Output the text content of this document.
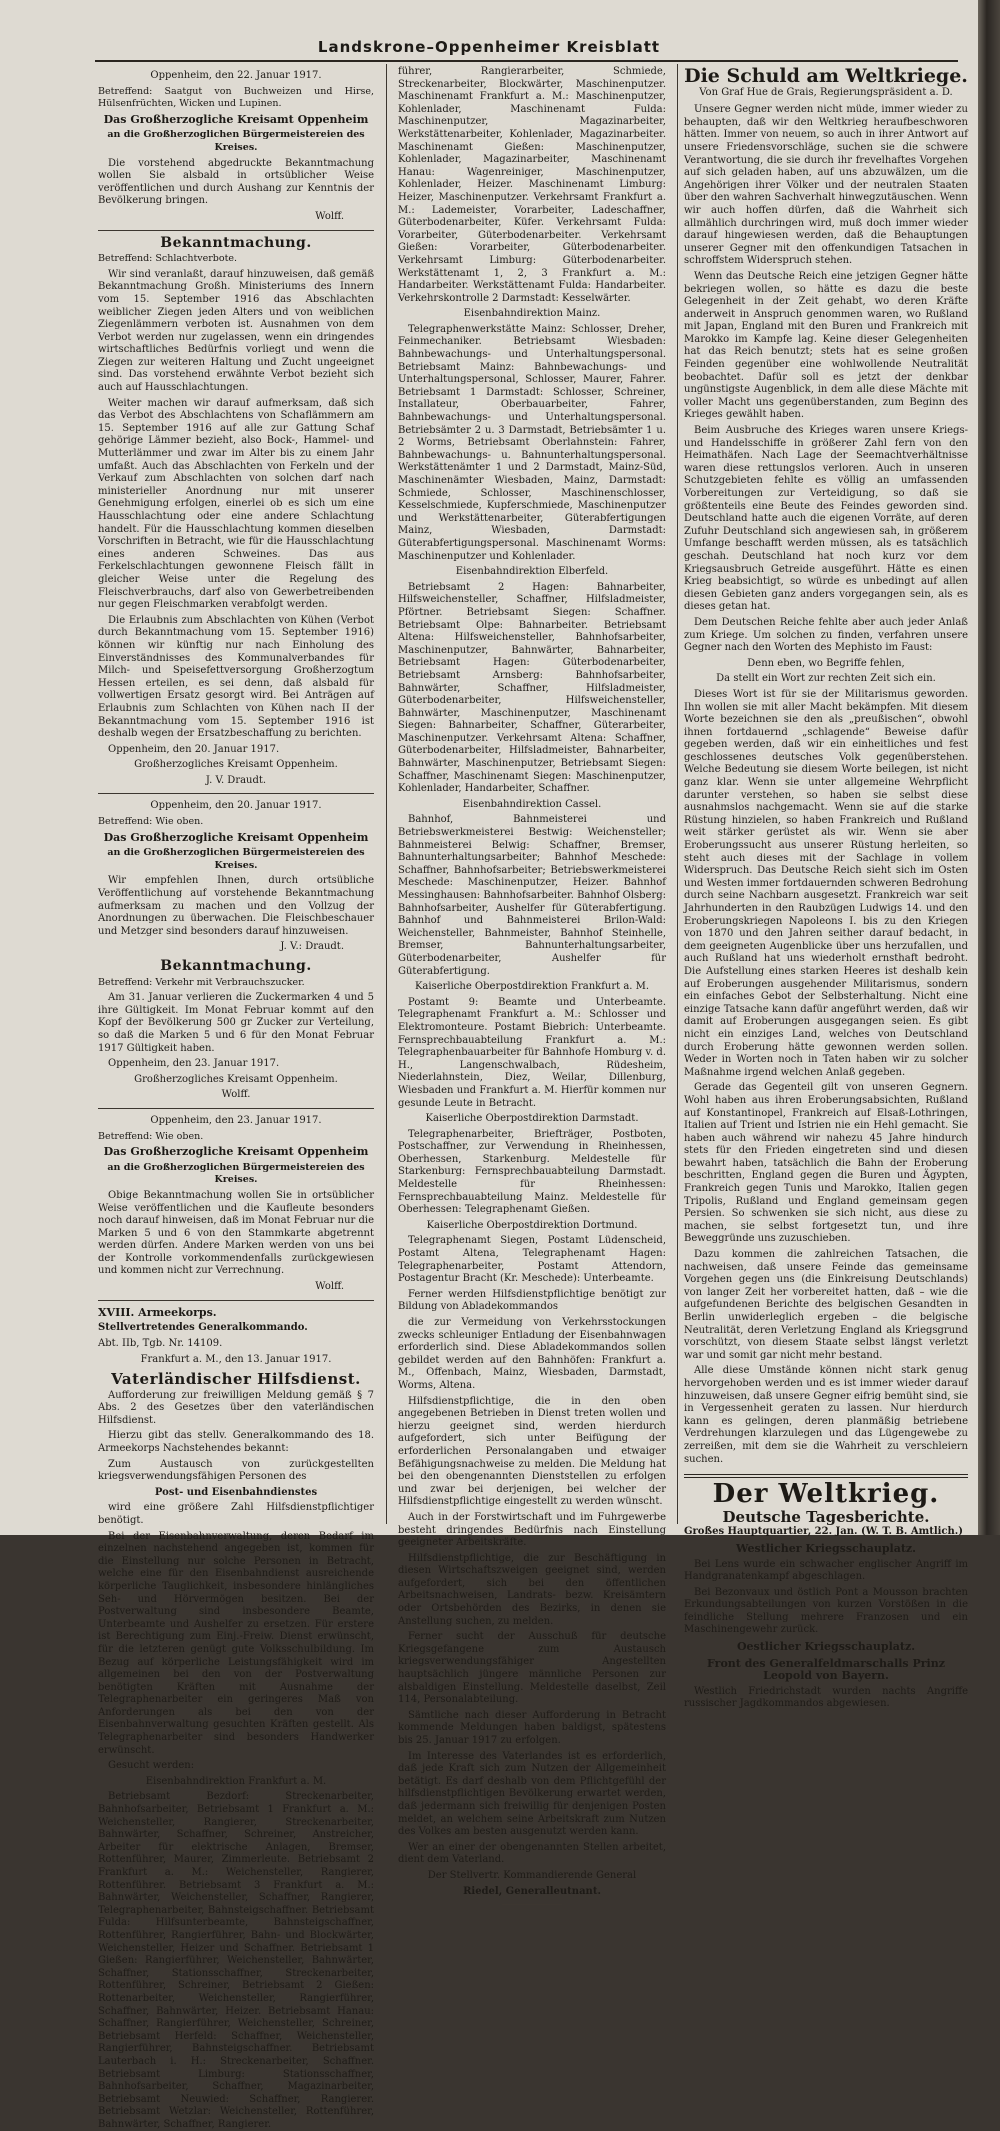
Landskrone–Oppenheimer Kreisblatt

Oppenheim, den 22. Januar 1917.

Betreffend: Saatgut von Buchweizen und Hirse, Hülsenfrüchten, Wicken und Lupinen.

Das Großherzogliche Kreisamt Oppenheim

an die Großherzoglichen Bürgermeistereien des Kreises.

Die vorstehend abgedruckte Bekanntmachung wollen Sie alsbald in ortsüblicher Weise veröffentlichen und durch Aushang zur Kenntnis der Bevölkerung bringen.

Wolff.

Bekanntmachung.

Betreffend: Schlachtverbote.

Wir sind veranlaßt, darauf hinzuweisen, daß gemäß Bekanntmachung Großh. Ministeriums des Innern vom 15. September 1916 das Abschlachten weiblicher Ziegen jeden Alters und von weiblichen Ziegenlämmern verboten ist. Ausnahmen von dem Verbot werden nur zugelassen, wenn ein dringendes wirtschaftliches Bedürfnis vorliegt und wenn die Ziegen zur weiteren Haltung und Zucht ungeeignet sind. Das vorstehend erwähnte Verbot bezieht sich auch auf Hausschlachtungen.

Weiter machen wir darauf aufmerksam, daß sich das Verbot des Abschlachtens von Schaflämmern am 15. September 1916 auf alle zur Gattung Schaf gehörige Lämmer bezieht, also Bock-, Hammel- und Mutterlämmer und zwar im Alter bis zu einem Jahr umfaßt. Auch das Abschlachten von Ferkeln und der Verkauf zum Abschlachten von solchen darf nach ministerieller Anordnung nur mit unserer Genehmigung erfolgen, einerlei ob es sich um eine Hausschlachtung oder eine andere Schlachtung handelt. Für die Hausschlachtung kommen dieselben Vorschriften in Betracht, wie für die Hausschlachtung eines anderen Schweines. Das aus Ferkelschlachtungen gewonnene Fleisch fällt in gleicher Weise unter die Regelung des Fleischverbrauchs, darf also von Gewerbetreibenden nur gegen Fleischmarken verabfolgt werden.

Die Erlaubnis zum Abschlachten von Kühen (Verbot durch Bekanntmachung vom 15. September 1916) können wir künftig nur nach Einholung des Einverständnisses des Kommunalverbandes für Milch- und Speisefettversorgung Großherzogtum Hessen erteilen, es sei denn, daß alsbald für vollwertigen Ersatz gesorgt wird. Bei Anträgen auf Erlaubnis zum Schlachten von Kühen nach II der Bekanntmachung vom 15. September 1916 ist deshalb wegen der Ersatzbeschaffung zu berichten.

Oppenheim, den 20. Januar 1917.

Großherzogliches Kreisamt Oppenheim.

J. V. Draudt.

Oppenheim, den 20. Januar 1917.

Betreffend: Wie oben.

Das Großherzogliche Kreisamt Oppenheim

an die Großherzoglichen Bürgermeistereien des Kreises.

Wir empfehlen Ihnen, durch ortsübliche Veröffentlichung auf vorstehende Bekanntmachung aufmerksam zu machen und den Vollzug der Anordnungen zu überwachen. Die Fleischbeschauer und Metzger sind besonders darauf hinzuweisen.

J. V.: Draudt.

Bekanntmachung.

Betreffend: Verkehr mit Verbrauchszucker.

Am 31. Januar verlieren die Zuckermarken 4 und 5 ihre Gültigkeit. Im Monat Februar kommt auf den Kopf der Bevölkerung 500 gr Zucker zur Verteilung, so daß die Marken 5 und 6 für den Monat Februar 1917 Gültigkeit haben.

Oppenheim, den 23. Januar 1917.

Großherzogliches Kreisamt Oppenheim.

Wolff.

Oppenheim, den 23. Januar 1917.

Betreffend: Wie oben.

Das Großherzogliche Kreisamt Oppenheim

an die Großherzoglichen Bürgermeistereien des Kreises.

Obige Bekanntmachung wollen Sie in ortsüblicher Weise veröffentlichen und die Kaufleute besonders noch darauf hinweisen, daß im Monat Februar nur die Marken 5 und 6 von den Stammkarte abgetrennt werden dürfen. Andere Marken werden von uns bei der Kontrolle vorkommendenfalls zurückgewiesen und kommen nicht zur Verrechnung.

Wolff.

XVIII. Armeekorps.

Stellvertretendes Generalkommando.

Abt. IIb, Tgb. Nr. 14109.

Frankfurt a. M., den 13. Januar 1917.

Vaterländischer Hilfsdienst.

Aufforderung zur freiwilligen Meldung gemäß § 7 Abs. 2 des Gesetzes über den vaterländischen Hilfsdienst.

Hierzu gibt das stellv. Generalkommando des 18. Armeekorps Nachstehendes bekannt:

Zum Austausch von zurückgestellten kriegsverwendungsfähigen Personen des

Post- und Eisenbahndienstes

wird eine größere Zahl Hilfsdienstpflichtiger benötigt.

Bei der Eisenbahnverwaltung, deren Bedarf im einzelnen nachstehend angegeben ist, kommen für die Einstellung nur solche Personen in Betracht, welche eine für den Eisenbahndienst ausreichende körperliche Tauglichkeit, insbesondere hinlängliches Seh- und Hörvermögen besitzen. Bei der Postverwaltung sind insbesondere Beamte, Unterbeamte und Aushelfer zu ersetzen. Für erstere ist Berechtigung zum Einj.-Freiw. Dienst erwünscht, für die letzteren genügt gute Volksschulbildung. Im Bezug auf körperliche Leistungsfähigkeit wird im allgemeinen bei den von der Postverwaltung benötigten Kräften mit Ausnahme der Telegraphenarbeiter ein geringeres Maß von Anforderungen als bei den von der Eisenbahnverwaltung gesuchten Kräften gestellt. Als Telegraphenarbeiter sind besonders Handwerker erwünscht.

Gesucht werden:

Eisenbahndirektion Frankfurt a. M.

Betriebsamt Bezdorf: Streckenarbeiter, Bahnhofsarbeiter, Betriebsamt 1 Frankfurt a. M.: Weichensteller, Rangierer, Streckenarbeiter, Bahnwärter, Schaffner, Schreiner, Anstreicher, Arbeiter für elektrische Anlagen, Bremser, Rottenführer, Maurer, Zimmerleute. Betriebsamt 2 Frankfurt a. M.: Weichensteller, Rangierer, Rottenführer. Betriebsamt 3 Frankfurt a. M.: Bahnwärter, Weichensteller, Schaffner, Rangierer, Telegraphenarbeiter, Bahnsteigschaffner. Betriebsamt Fulda: Hilfsunterbeamte, Bahnsteigschaffner, Rottenführer, Rangierführer, Bahn- und Blockwärter, Weichensteller, Heizer und Schaffner. Betriebsamt 1 Gießen: Rangierführer, Weichensteller, Bahnwärter, Schaffner, Stationsschaffner, Streckenarbeiter, Rottenführer, Schreiner, Betriebsamt 2 Gießen: Rottenarbeiter, Weichensteller, Rangierführer, Schaffner, Bahnwärter, Heizer. Betriebsamt Hanau: Schaffner, Rangierführer, Weichensteller, Schreiner, Betriebsamt Herfeld: Schaffner, Weichensteller, Rangierführer, Bahnsteigschaffner. Betriebsamt Lauterbach i. H.: Streckenarbeiter, Schaffner. Betriebsamt Limburg: Stationsschaffner, Bahnhofsarbeiter, Schaffner, Magazinarbeiter, Betriebsamt Neuwied: Schaffner, Rangierer. Betriebsamt Wetzlar: Weichensteller, Rottenführer, Bahnwärter, Schaffner, Rangierer.

führer, Rangierarbeiter, Schmiede, Streckenarbeiter, Blockwärter, Maschinenputzer. Maschinenamt Frankfurt a. M.: Maschinenputzer, Kohlenlader, Maschinenamt Fulda: Maschinenputzer, Magazinarbeiter, Werkstättenarbeiter, Kohlenlader, Magazinarbeiter. Maschinenamt Gießen: Maschinenputzer, Kohlenlader, Magazinarbeiter, Maschinenamt Hanau: Wagenreiniger, Maschinenputzer, Kohlenlader, Heizer. Maschinenamt Limburg: Heizer, Maschinenputzer. Verkehrsamt Frankfurt a. M.: Lademeister, Vorarbeiter, Ladeschaffner, Güterbodenarbeiter, Küfer. Verkehrsamt Fulda: Vorarbeiter, Güterbodenarbeiter. Verkehrsamt Gießen: Vorarbeiter, Güterbodenarbeiter. Verkehrsamt Limburg: Güterbodenarbeiter. Werkstättenamt 1, 2, 3 Frankfurt a. M.: Handarbeiter. Werkstättenamt Fulda: Handarbeiter. Verkehrskontrolle 2 Darmstadt: Kesselwärter.

Eisenbahndirektion Mainz.

Telegraphenwerkstätte Mainz: Schlosser, Dreher, Feinmechaniker. Betriebsamt Wiesbaden: Bahnbewachungs- und Unterhaltungspersonal. Betriebsamt Mainz: Bahnbewachungs- und Unterhaltungspersonal, Schlosser, Maurer, Fahrer. Betriebsamt 1 Darmstadt: Schlosser, Schreiner, Installateur, Oberbauarbeiter, Fahrer, Bahnbewachungs- und Unterhaltungspersonal. Betriebsämter 2 u. 3 Darmstadt, Betriebsämter 1 u. 2 Worms, Betriebsamt Oberlahnstein: Fahrer, Bahnbewachungs- u. Bahnunterhaltungspersonal. Werkstättenämter 1 und 2 Darmstadt, Mainz-Süd, Maschinenämter Wiesbaden, Mainz, Darmstadt: Schmiede, Schlosser, Maschinenschlosser, Kesselschmiede, Kupferschmiede, Maschinenputzer und Werkstättenarbeiter, Güterabfertigungen Mainz, Wiesbaden, Darmstadt: Güterabfertigungspersonal. Maschinenamt Worms: Maschinenputzer und Kohlenlader.

Eisenbahndirektion Elberfeld.

Betriebsamt 2 Hagen: Bahnarbeiter, Hilfsweichensteller, Schaffner, Hilfsladmeister, Pförtner. Betriebsamt Siegen: Schaffner. Betriebsamt Olpe: Bahnarbeiter. Betriebsamt Altena: Hilfsweichensteller, Bahnhofsarbeiter, Maschinenputzer, Bahnwärter, Bahnarbeiter, Betriebsamt Hagen: Güterbodenarbeiter, Betriebsamt Arnsberg: Bahnhofsarbeiter, Bahnwärter, Schaffner, Hilfsladmeister, Güterbodenarbeiter, Hilfsweichensteller, Bahnwärter, Maschinenputzer, Maschinenamt Siegen: Bahnarbeiter, Schaffner, Güterarbeiter, Maschinenputzer. Verkehrsamt Altena: Schaffner, Güterbodenarbeiter, Hilfsladmeister, Bahnarbeiter, Bahnwärter, Maschinenputzer, Betriebsamt Siegen: Schaffner, Maschinenamt Siegen: Maschinenputzer, Kohlenlader, Handarbeiter, Schaffner.

Eisenbahndirektion Cassel.

Bahnhof, Bahnmeisterei und Betriebswerkmeisterei Bestwig: Weichensteller; Bahnmeisterei Belwig: Schaffner, Bremser, Bahnunterhaltungsarbeiter; Bahnhof Meschede: Schaffner, Bahnhofsarbeiter; Betriebswerkmeisterei Meschede: Maschinenputzer, Heizer. Bahnhof Messinghausen: Bahnhofsarbeiter. Bahnhof Olsberg: Bahnhofsarbeiter, Aushelfer für Güterabfertigung. Bahnhof und Bahnmeisterei Brilon-Wald: Weichensteller, Bahnmeister, Bahnhof Steinhelle, Bremser, Bahnunterhaltungsarbeiter, Güterbodenarbeiter, Aushelfer für Güterabfertigung.

Kaiserliche Oberpostdirektion Frankfurt a. M.

Postamt 9: Beamte und Unterbeamte. Telegraphenamt Frankfurt a. M.: Schlosser und Elektromonteure. Postamt Biebrich: Unterbeamte. Fernsprechbauabteilung Frankfurt a. M.: Telegraphenbauarbeiter für Bahnhofe Homburg v. d. H., Langenschwalbach, Rüdesheim, Niederlahnstein, Diez, Weilar, Dillenburg, Wiesbaden und Frankfurt a. M. Hierfür kommen nur gesunde Leute in Betracht.

Kaiserliche Oberpostdirektion Darmstadt.

Telegraphenarbeiter, Briefträger, Postboten, Postschaffner, zur Verwendung in Rheinhessen, Oberhessen, Starkenburg. Meldestelle für Starkenburg: Fernsprechbauabteilung Darmstadt. Meldestelle für Rheinhessen: Fernsprechbauabteilung Mainz. Meldestelle für Oberhessen: Telegraphenamt Gießen.

Kaiserliche Oberpostdirektion Dortmund.

Telegraphenamt Siegen, Postamt Lüdenscheid, Postamt Altena, Telegraphenamt Hagen: Telegraphenarbeiter, Postamt Attendorn, Postagentur Bracht (Kr. Meschede): Unterbeamte.

Ferner werden Hilfsdienstpflichtige benötigt zur Bildung von Abladekommandos

die zur Vermeidung von Verkehrsstockungen zwecks schleuniger Entladung der Eisenbahnwagen erforderlich sind. Diese Abladekommandos sollen gebildet werden auf den Bahnhöfen: Frankfurt a. M., Offenbach, Mainz, Wiesbaden, Darmstadt, Worms, Altena.

Hilfsdienstpflichtige, die in den oben angegebenen Betrieben in Dienst treten wollen und hierzu geeignet sind, werden hierdurch aufgefordert, sich unter Beifügung der erforderlichen Personalangaben und etwaiger Befähigungsnachweise zu melden. Die Meldung hat bei den obengenannten Dienststellen zu erfolgen und zwar bei derjenigen, bei welcher der Hilfsdienstpflichtige eingestellt zu werden wünscht.

Auch in der Forstwirtschaft und im Fuhrgewerbe besteht dringendes Bedürfnis nach Einstellung geeigneter Arbeitskräfte.

Hilfsdienstpflichtige, die zur Beschäftigung in diesen Wirtschaftszweigen geeignet sind, werden aufgefordert, sich bei den öffentlichen Arbeitsnachweisen, Landrats- bezw. Kreisämtern oder Ortsbehörden des Bezirks, in denen sie Anstellung suchen, zu melden.

Ferner sucht der Ausschuß für deutsche Kriegsgefangene zum Austausch kriegsverwendungsfähiger Angestellten hauptsächlich jüngere männliche Personen zur alsbaldigen Einstellung. Meldestelle daselbst, Zeil 114, Personalabteilung.

Sämtliche nach dieser Aufforderung in Betracht kommende Meldungen haben baldigst, spätestens bis 25. Januar 1917 zu erfolgen.

Im Interesse des Vaterlandes ist es erforderlich, daß jede Kraft sich zum Nutzen der Allgemeinheit betätigt. Es darf deshalb von dem Pflichtgefühl der hilfsdienstpflichtigen Bevölkerung erwartet werden, daß jedermann sich freiwillig für denjenigen Posten meldet, an welchem seine Arbeitskraft zum Nutzen des Volkes am besten ausgenutzt werden kann.

Wer an einer der obengenannten Stellen arbeitet, dient dem Vaterland.

Der Stellvertr. Kommandierende General

Riedel, Generalleutnant.

Die Schuld am Weltkriege.
Von Graf Hue de Grais, Regierungspräsident a. D.

Unsere Gegner werden nicht müde, immer wieder zu behaupten, daß wir den Weltkrieg heraufbeschworen hätten. Immer von neuem, so auch in ihrer Antwort auf unsere Friedensvorschläge, suchen sie die schwere Verantwortung, die sie durch ihr frevelhaftes Vorgehen auf sich geladen haben, auf uns abzuwälzen, um die Angehörigen ihrer Völker und der neutralen Staaten über den wahren Sachverhalt hinwegzutäuschen. Wenn wir auch hoffen dürfen, daß die Wahrheit sich allmählich durchringen wird, muß doch immer wieder darauf hingewiesen werden, daß die Behauptungen unserer Gegner mit den offenkundigen Tatsachen in schroffstem Widerspruch stehen.

Wenn das Deutsche Reich eine jetzigen Gegner hätte bekriegen wollen, so hätte es dazu die beste Gelegenheit in der Zeit gehabt, wo deren Kräfte anderweit in Anspruch genommen waren, wo Rußland mit Japan, England mit den Buren und Frankreich mit Marokko im Kampfe lag. Keine dieser Gelegenheiten hat das Reich benutzt; stets hat es seine großen Feinden gegenüber eine wohlwollende Neutralität beobachtet. Dafür soll es jetzt der denkbar ungünstigste Augenblick, in dem alle diese Mächte mit voller Macht uns gegenüberstanden, zum Beginn des Krieges gewählt haben.

Beim Ausbruche des Krieges waren unsere Kriegs- und Handelsschiffe in größerer Zahl fern von den Heimathäfen. Nach Lage der Seemachtverhältnisse waren diese rettungslos verloren. Auch in unseren Schutzgebieten fehlte es völlig an umfassenden Vorbereitungen zur Verteidigung, so daß sie größtenteils eine Beute des Feindes geworden sind. Deutschland hatte auch die eigenen Vorräte, auf deren Zufuhr Deutschland sich angewiesen sah, in größerem Umfange beschafft werden müssen, als es tatsächlich geschah. Deutschland hat noch kurz vor dem Kriegsausbruch Getreide ausgeführt. Hätte es einen Krieg beabsichtigt, so würde es unbedingt auf allen diesen Gebieten ganz anders vorgegangen sein, als es dieses getan hat.

Dem Deutschen Reiche fehlte aber auch jeder Anlaß zum Kriege. Um solchen zu finden, verfahren unsere Gegner nach den Worten des Mephisto im Faust:

Denn eben, wo Begriffe fehlen,

Da stellt ein Wort zur rechten Zeit sich ein.

Dieses Wort ist für sie der Militarismus geworden. Ihn wollen sie mit aller Macht bekämpfen. Mit diesem Worte bezeichnen sie den als „preußischen“, obwohl ihnen fortdauernd „schlagende“ Beweise dafür gegeben werden, daß wir ein einheitliches und fest geschlossenes deutsches Volk gegenüberstehen. Welche Bedeutung sie diesem Worte beilegen, ist nicht ganz klar. Wenn sie unter allgemeine Wehrpflicht darunter verstehen, so haben sie selbst diese ausnahmslos nachgemacht. Wenn sie auf die starke Rüstung hinzielen, so haben Frankreich und Rußland weit stärker gerüstet als wir. Wenn sie aber Eroberungssucht aus unserer Rüstung herleiten, so steht auch dieses mit der Sachlage in vollem Widerspruch. Das Deutsche Reich sieht sich im Osten und Westen immer fortdauernden schweren Bedrohung durch seine Nachbarn ausgesetzt. Frankreich war seit Jahrhunderten in den Raubzügen Ludwigs 14. und den Eroberungskriegen Napoleons I. bis zu den Kriegen von 1870 und den Jahren seither darauf bedacht, in dem geeigneten Augenblicke über uns herzufallen, und auch Rußland hat uns wiederholt ernsthaft bedroht. Die Aufstellung eines starken Heeres ist deshalb kein auf Eroberungen ausgehender Militarismus, sondern ein einfaches Gebot der Selbsterhaltung. Nicht eine einzige Tatsache kann dafür angeführt werden, daß wir damit auf Eroberungen ausgegangen seien. Es gibt nicht ein einziges Land, welches von Deutschland durch Eroberung hätte gewonnen werden sollen. Weder in Worten noch in Taten haben wir zu solcher Maßnahme irgend welchen Anlaß gegeben.

Gerade das Gegenteil gilt von unseren Gegnern. Wohl haben aus ihren Eroberungsabsichten, Rußland auf Konstantinopel, Frankreich auf Elsaß-Lothringen, Italien auf Trient und Istrien nie ein Hehl gemacht. Sie haben auch während wir nahezu 45 Jahre hindurch stets für den Frieden eingetreten sind und diesen bewahrt haben, tatsächlich die Bahn der Eroberung beschritten, England gegen die Buren und Ägypten, Frankreich gegen Tunis und Marokko, Italien gegen Tripolis, Rußland und England gemeinsam gegen Persien. So schwenken sie sich nicht, aus diese zu machen, sie selbst fortgesetzt tun, und ihre Beweggründe uns zuzuschieben.

Dazu kommen die zahlreichen Tatsachen, die nachweisen, daß unsere Feinde das gemeinsame Vorgehen gegen uns (die Einkreisung Deutschlands) von langer Zeit her vorbereitet hatten, daß – wie die aufgefundenen Berichte des belgischen Gesandten in Berlin unwiderleglich ergeben – die belgische Neutralität, deren Verletzung England als Kriegsgrund vorschützt, von diesem Staate selbst längst verletzt war und somit gar nicht mehr bestand.

Alle diese Umstände können nicht stark genug hervorgehoben werden und es ist immer wieder darauf hinzuweisen, daß unsere Gegner eifrig bemüht sind, sie in Vergessenheit geraten zu lassen. Nur hierdurch kann es gelingen, deren planmäßig betriebene Verdrehungen klarzulegen und das Lügengewebe zu zerreißen, mit dem sie die Wahrheit zu verschleiern suchen.

Der Weltkrieg.
Deutsche Tagesberichte.

Großes Hauptquartier, 22. Jan. (W. T. B. Amtlich.)

Westlicher Kriegsschauplatz.

Bei Lens wurde ein schwacher englischer Angriff im Handgranatenkampf abgeschlagen.

Bei Bezonvaux und östlich Pont a Mousson brachten Erkundungsabteilungen von kurzen Vorstößen in die feindliche Stellung mehrere Franzosen und ein Maschinengewehr zurück.

Oestlicher Kriegsschauplatz.
Front des Generalfeldmarschalls Prinz Leopold von Bayern.

Westlich Friedrichstadt wurden nachts Angriffe russischer Jagdkommandos abgewiesen.
